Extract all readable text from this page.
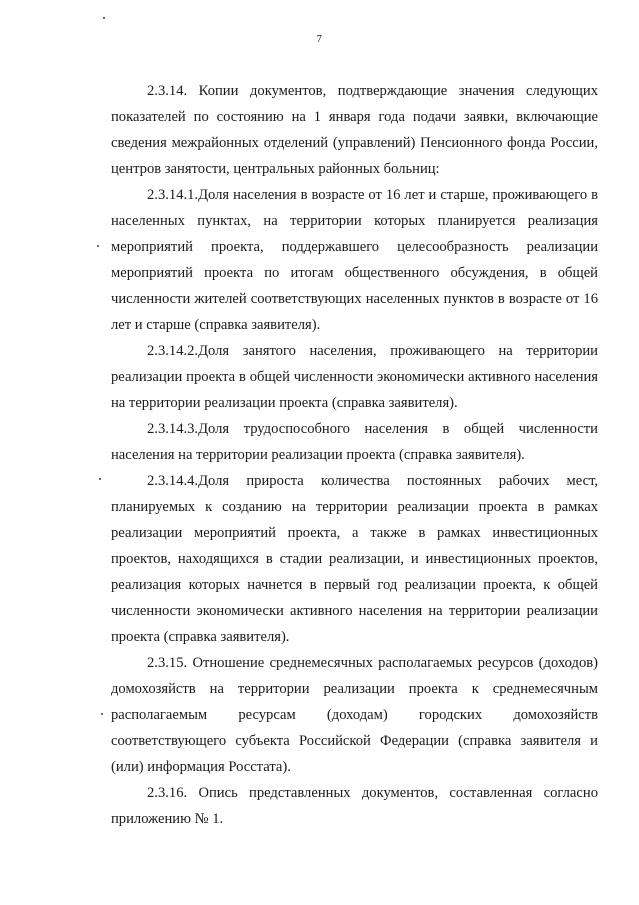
7

2.3.14. Копии документов, подтверждающие значения следующих показателей по состоянию на 1 января года подачи заявки, включающие сведения межрайонных отделений (управлений) Пенсионного фонда России, центров занятости, центральных районных больниц:

2.3.14.1.Доля населения в возрасте от 16 лет и старше, проживающего в населенных пунктах, на территории которых планируется реализация мероприятий проекта, поддержавшего целесообразность реализации мероприятий проекта по итогам общественного обсуждения, в общей численности жителей соответствующих населенных пунктов в возрасте от 16 лет и старше (справка заявителя).

2.3.14.2.Доля занятого населения, проживающего на территории реализации проекта в общей численности экономически активного населения на территории реализации проекта (справка заявителя).

2.3.14.3.Доля трудоспособного населения в общей численности населения на территории реализации проекта (справка заявителя).

2.3.14.4.Доля прироста количества постоянных рабочих мест, планируемых к созданию на территории реализации проекта в рамках реализации мероприятий проекта, а также в рамках инвестиционных проектов, находящихся в стадии реализации, и инвестиционных проектов, реализация которых начнется в первый год реализации проекта, к общей численности экономически активного населения на территории реализации проекта (справка заявителя).

2.3.15. Отношение среднемесячных располагаемых ресурсов (доходов) домохозяйств на территории реализации проекта к среднемесячным располагаемым ресурсам (доходам) городских домохозяйств соответствующего субъекта Российской Федерации (справка заявителя и (или) информация Росстата).

2.3.16. Опись представленных документов, составленная согласно приложению № 1.
